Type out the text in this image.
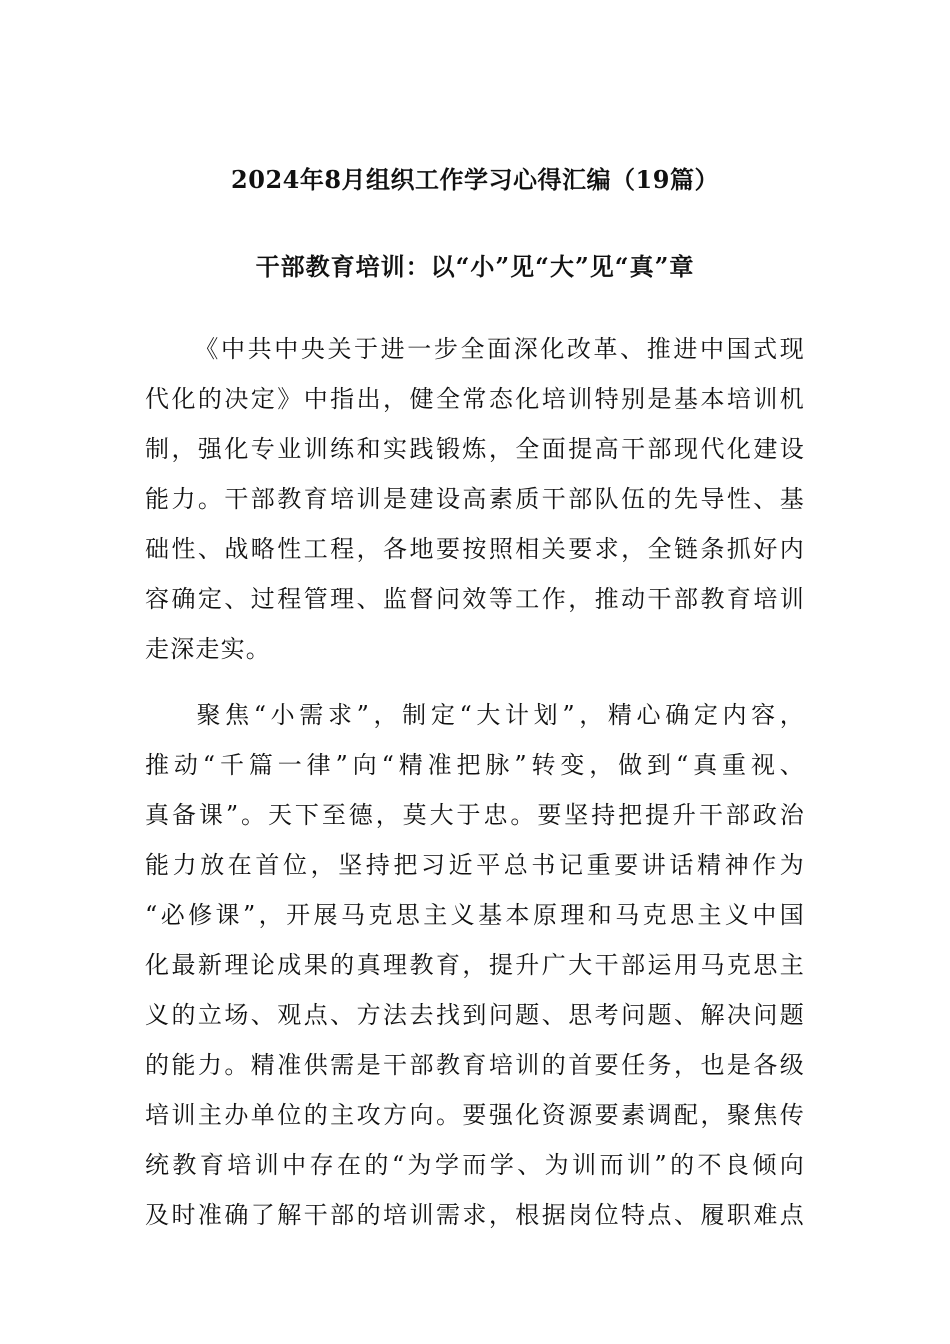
2024年8月组织工作学习心得汇编（19篇）
干部教育培训：以“小”见“大”见“真”章

《中共中央关于进一步全面深化改革、推进中国式现
代化的决定》中指出，健全常态化培训特别是基本培训机
制，强化专业训练和实践锻炼，全面提高干部现代化建设
能力。干部教育培训是建设高素质干部队伍的先导性、基
础性、战略性工程，各地要按照相关要求，全链条抓好内
容确定、过程管理、监督问效等工作，推动干部教育培训
走深走实。

聚焦“小需求”，制定“大计划”，精心确定内容，
推动“千篇一律”向“精准把脉”转变，做到“真重视、
真备课”。天下至德，莫大于忠。要坚持把提升干部政治
能力放在首位，坚持把习近平总书记重要讲话精神作为
“必修课”，开展马克思主义基本原理和马克思主义中国
化最新理论成果的真理教育，提升广大干部运用马克思主
义的立场、观点、方法去找到问题、思考问题、解决问题
的能力。精准供需是干部教育培训的首要任务，也是各级
培训主办单位的主攻方向。要强化资源要素调配，聚焦传
统教育培训中存在的“为学而学、为训而训”的不良倾向
及时准确了解干部的培训需求，根据岗位特点、履职难点
